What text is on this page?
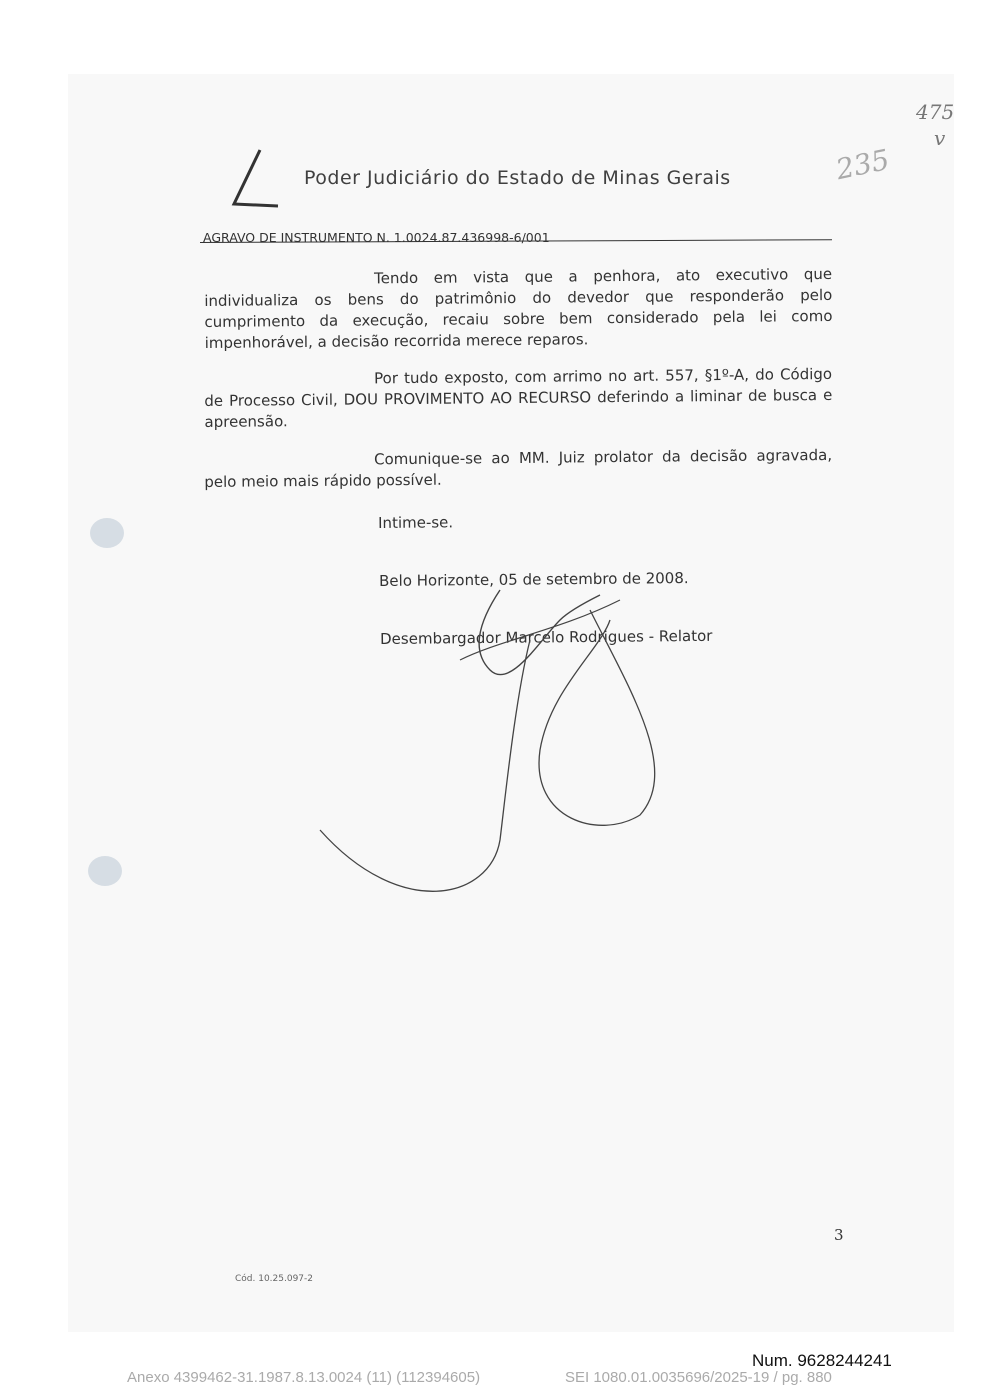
Poder Judiciário do Estado de Minas Gerais	235
475
v
AGRAVO DE INSTRUMENTO N. 1.0024.87.436998-6/001

Tendo em vista que a penhora, ato executivo que individualiza os bens do patrimônio do devedor que responderão pelo cumprimento da execução, recaiu sobre bem considerado pela lei como impenhorável, a decisão recorrida merece reparos.

Por tudo exposto, com arrimo no art. 557, §1º-A, do Código de Processo Civil, DOU PROVIMENTO AO RECURSO deferindo a liminar de busca e apreensão.

Comunique-se ao MM. Juiz prolator da decisão agravada, pelo meio mais rápido possível.

Intime-se.
Belo Horizonte, 05 de setembro de 2008.
Desembargador Marcelo Rodrigues - Relator
3
Cód. 10.25.097-2
Num. 9628244241
Anexo 4399462-31.1987.8.13.0024 (11) (112394605)	SEI 1080.01.0035696/2025-19 / pg. 880
